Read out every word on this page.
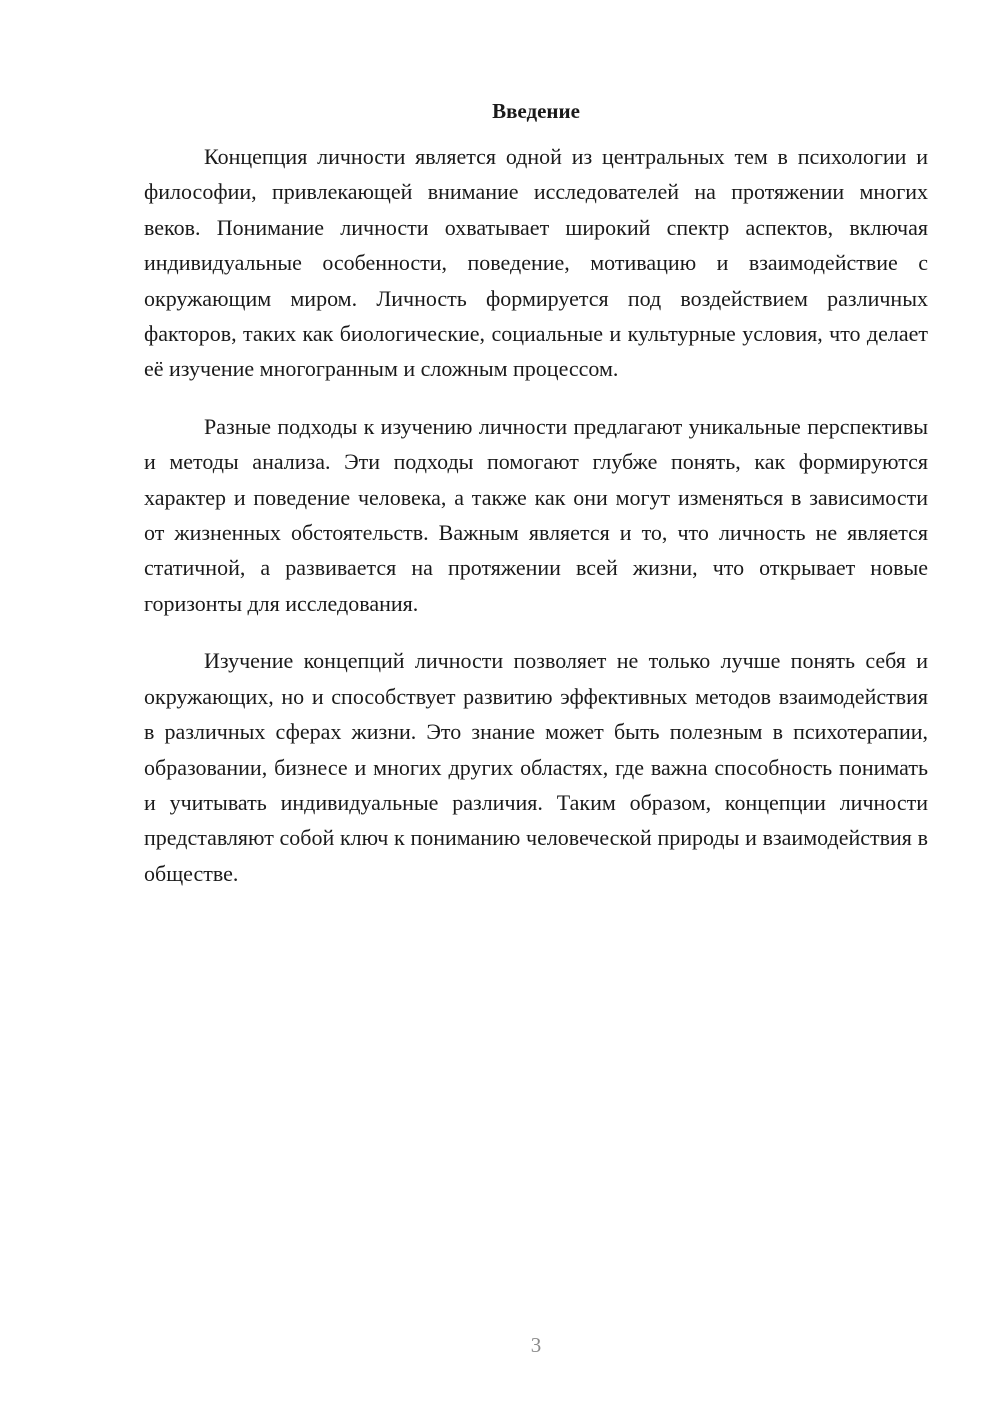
Введение

Концепция личности является одной из центральных тем в психологии и философии, привлекающей внимание исследователей на протяжении многих веков. Понимание личности охватывает широкий спектр аспектов, включая индивидуальные особенности, поведение, мотивацию и взаимодействие с окружающим миром. Личность формируется под воздействием различных факторов, таких как биологические, социальные и культурные условия, что делает её изучение многогранным и сложным процессом.

Разные подходы к изучению личности предлагают уникальные перспективы и методы анализа. Эти подходы помогают глубже понять, как формируются характер и поведение человека, а также как они могут изменяться в зависимости от жизненных обстоятельств. Важным является и то, что личность не является статичной, а развивается на протяжении всей жизни, что открывает новые горизонты для исследования.

Изучение концепций личности позволяет не только лучше понять себя и окружающих, но и способствует развитию эффективных методов взаимодействия в различных сферах жизни. Это знание может быть полезным в психотерапии, образовании, бизнесе и многих других областях, где важна способность понимать и учитывать индивидуальные различия. Таким образом, концепции личности представляют собой ключ к пониманию человеческой природы и взаимодействия в обществе.

3
